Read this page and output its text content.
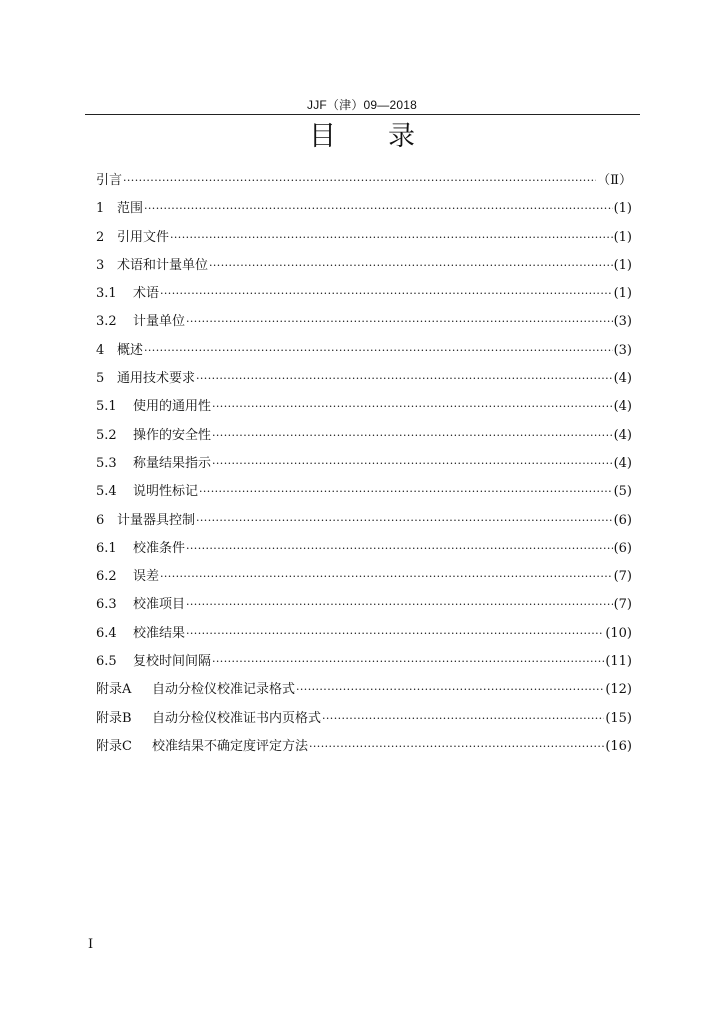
JJF（津）09—2018
目 录
引言 ·····	（Ⅱ）
1 范围 ·····	(1)
2 引用文件 ·····	(1)
3 术语和计量单位 ·····	(1)
3.1	术语 ·····	(1)
3.2	计量单位 ·····	(3)
4 概述 ·····	(3)
5 通用技术要求 ·····	(4)
5.1	使用的通用性 ·····	(4)
5.2	操作的安全性 ·····	(4)
5.3	称量结果指示 ·····	(4)
5.4	说明性标记 ·····	(5)
6 计量器具控制 ·····	(6)
6.1	校准条件 ·····	(6)
6.2	误差 ·····	(7)
6.3	校准项目 ·····	(7)
6.4	校准结果 ·····	(10)
6.5	复校时间间隔 ·····	(11)
附录A	自动分检仪校准记录格式 ·····	(12)
附录B	自动分检仪校准证书内页格式 ·····	(15)
附录C	校准结果不确定度评定方法 ·····	(16)
I
